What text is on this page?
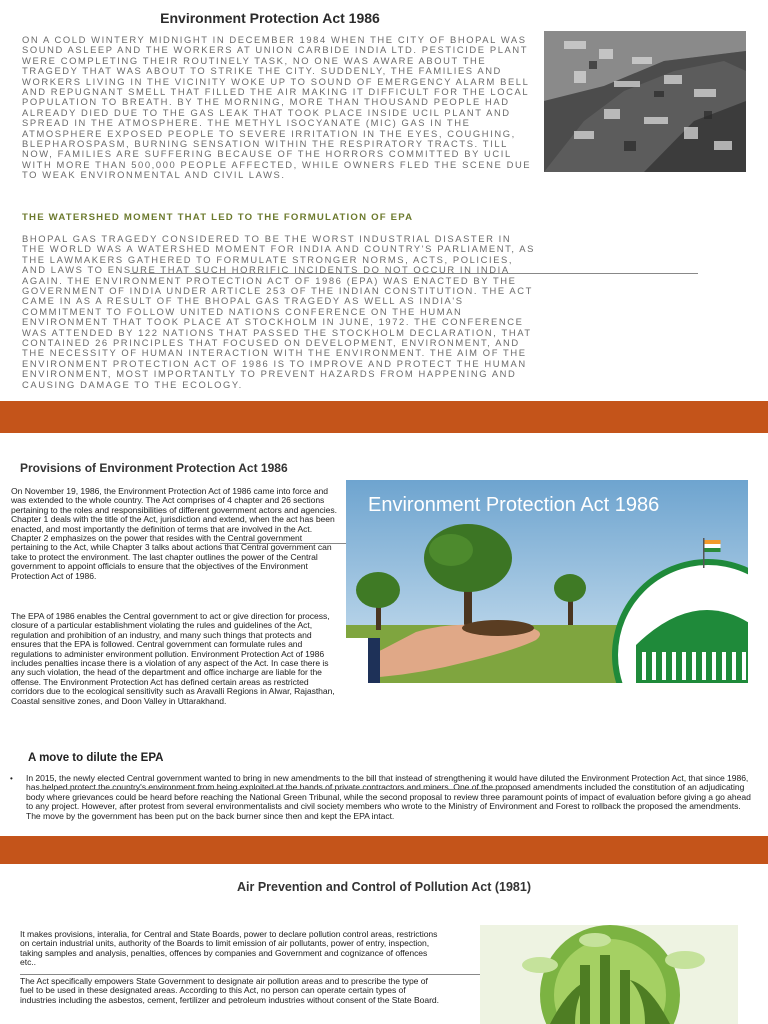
Environment Protection Act 1986

ON A COLD WINTERY MIDNIGHT IN DECEMBER 1984 WHEN THE CITY OF BHOPAL WAS SOUND ASLEEP AND THE WORKERS AT UNION CARBIDE INDIA LTD. PESTICIDE PLANT WERE COMPLETING THEIR ROUTINELY TASK, NO ONE WAS AWARE ABOUT THE TRAGEDY THAT WAS ABOUT TO STRIKE THE CITY. SUDDENLY, THE FAMILIES AND WORKERS LIVING IN THE VICINITY WOKE UP TO SOUND OF EMERGENCY ALARM BELL AND REPUGNANT SMELL THAT FILLED THE AIR MAKING IT DIFFICULT FOR THE LOCAL POPULATION TO BREATH. BY THE MORNING, MORE THAN THOUSAND PEOPLE HAD ALREADY DIED DUE TO THE GAS LEAK THAT TOOK PLACE INSIDE UCIL PLANT AND SPREAD IN THE ATMOSPHERE. THE METHYL ISOCYANATE (MIC) GAS IN THE ATMOSPHERE EXPOSED PEOPLE TO SEVERE IRRITATION IN THE EYES, COUGHING, BLEPHAROSPASM, BURNING SENSATION WITHIN THE RESPIRATORY TRACTS. TILL NOW, FAMILIES ARE SUFFERING BECAUSE OF THE HORRORS COMMITTED BY UCIL WITH MORE THAN 500,000 PEOPLE AFFECTED, WHILE OWNERS FLED THE SCENE DUE TO WEAK ENVIRONMENTAL AND CIVIL LAWS.

THE WATERSHED MOMENT THAT LED TO THE FORMULATION OF EPA

BHOPAL GAS TRAGEDY CONSIDERED TO BE THE WORST INDUSTRIAL DISASTER IN THE WORLD WAS A WATERSHED MOMENT FOR INDIA AND COUNTRY'S PARLIAMENT, AS THE LAWMAKERS GATHERED TO FORMULATE STRONGER NORMS, ACTS, POLICIES, AND LAWS TO ENSURE THAT SUCH HORRIFIC INCIDENTS DO NOT OCCUR IN INDIA AGAIN. THE ENVIRONMENT PROTECTION ACT OF 1986 (EPA) WAS ENACTED BY THE GOVERNMENT OF INDIA UNDER ARTICLE 253 OF THE INDIAN CONSTITUTION. THE ACT CAME IN AS A RESULT OF THE BHOPAL GAS TRAGEDY AS WELL AS INDIA'S COMMITMENT TO FOLLOW UNITED NATIONS CONFERENCE ON THE HUMAN ENVIRONMENT THAT TOOK PLACE AT STOCKHOLM IN JUNE, 1972. THE CONFERENCE WAS ATTENDED BY 122 NATIONS THAT PASSED THE STOCKHOLM DECLARATION, THAT CONTAINED 26 PRINCIPLES THAT FOCUSED ON DEVELOPMENT, ENVIRONMENT, AND THE NECESSITY OF HUMAN INTERACTION WITH THE ENVIRONMENT. THE AIM OF THE ENVIRONMENT PROTECTION ACT OF 1986 IS TO IMPROVE AND PROTECT THE HUMAN ENVIRONMENT, MOST IMPORTANTLY TO PREVENT HAZARDS FROM HAPPENING AND CAUSING DAMAGE TO THE ECOLOGY.

Provisions of Environment Protection Act 1986

On November 19, 1986, the Environment Protection Act of 1986 came into force and was extended to the whole country. The Act comprises of 4 chapter and 26 sections pertaining to the roles and responsibilities of different government actors and agencies. Chapter 1 deals with the title of the Act, jurisdiction and extend, when the act has been enacted, and most importantly the definition of terms that are involved in the Act. Chapter 2 emphasizes on the power that resides with the Central government pertaining to the Act, while Chapter 3 talks about actions that Central government can take to protect the environment. The last chapter outlines the power of the Central government to appoint officials to ensure that the objectives of the Environment Protection Act of 1986.

The EPA of 1986 enables the Central government to act or give direction for process, closure of a particular establishment violating the rules and guidelines of the Act, regulation and prohibition of an industry, and many such things that protects and ensures that the EPA is followed. Central government can formulate rules and regulations to administer environment pollution. Environment Protection Act of 1986 includes penalties incase there is a violation of any aspect of the Act. In case there is any such violation, the head of the department and office incharge are liable for the offense. The Environment Protection Act has defined certain areas as restricted corridors due to the ecological sensitivity such as Aravalli Regions in Alwar, Rajasthan, Coastal sensitive zones, and Doon Valley in Uttarakhand.

Environment Protection Act 1986
A move to dilute the EPA
• In 2015, the newly elected Central government wanted to bring in new amendments to the bill that instead of strengthening it would have diluted the Environment Protection Act, that since 1986, has helped protect the country's environment from being exploited at the hands of private contractors and miners. One of the proposed amendments included the constitution of an adjudicating body where grievances could be heard before reaching the National Green Tribunal, while the second proposal to review three paramount points of impact of evaluation before giving a go ahead to any project. However, after protest from several environmentalists and civil society members who wrote to the Ministry of Environment and Forest to rollback the proposed the amendments. The move by the government has been put on the back burner since then and kept the EPA intact.

Air Prevention and Control of Pollution Act (1981)

It makes provisions, interalia, for Central and State Boards, power to declare pollution control areas, restrictions on certain industrial units, authority of the Boards to limit emission of air pollutants, power of entry, inspection, taking samples and analysis, penalties, offences by companies and Government and cognizance of offences etc..

The Act specifically empowers State Government to designate air pollution areas and to prescribe the type of fuel to be used in these designated areas. According to this Act, no person can operate certain types of industries including the asbestos, cement, fertilizer and petroleum industries without consent of the State Board.
